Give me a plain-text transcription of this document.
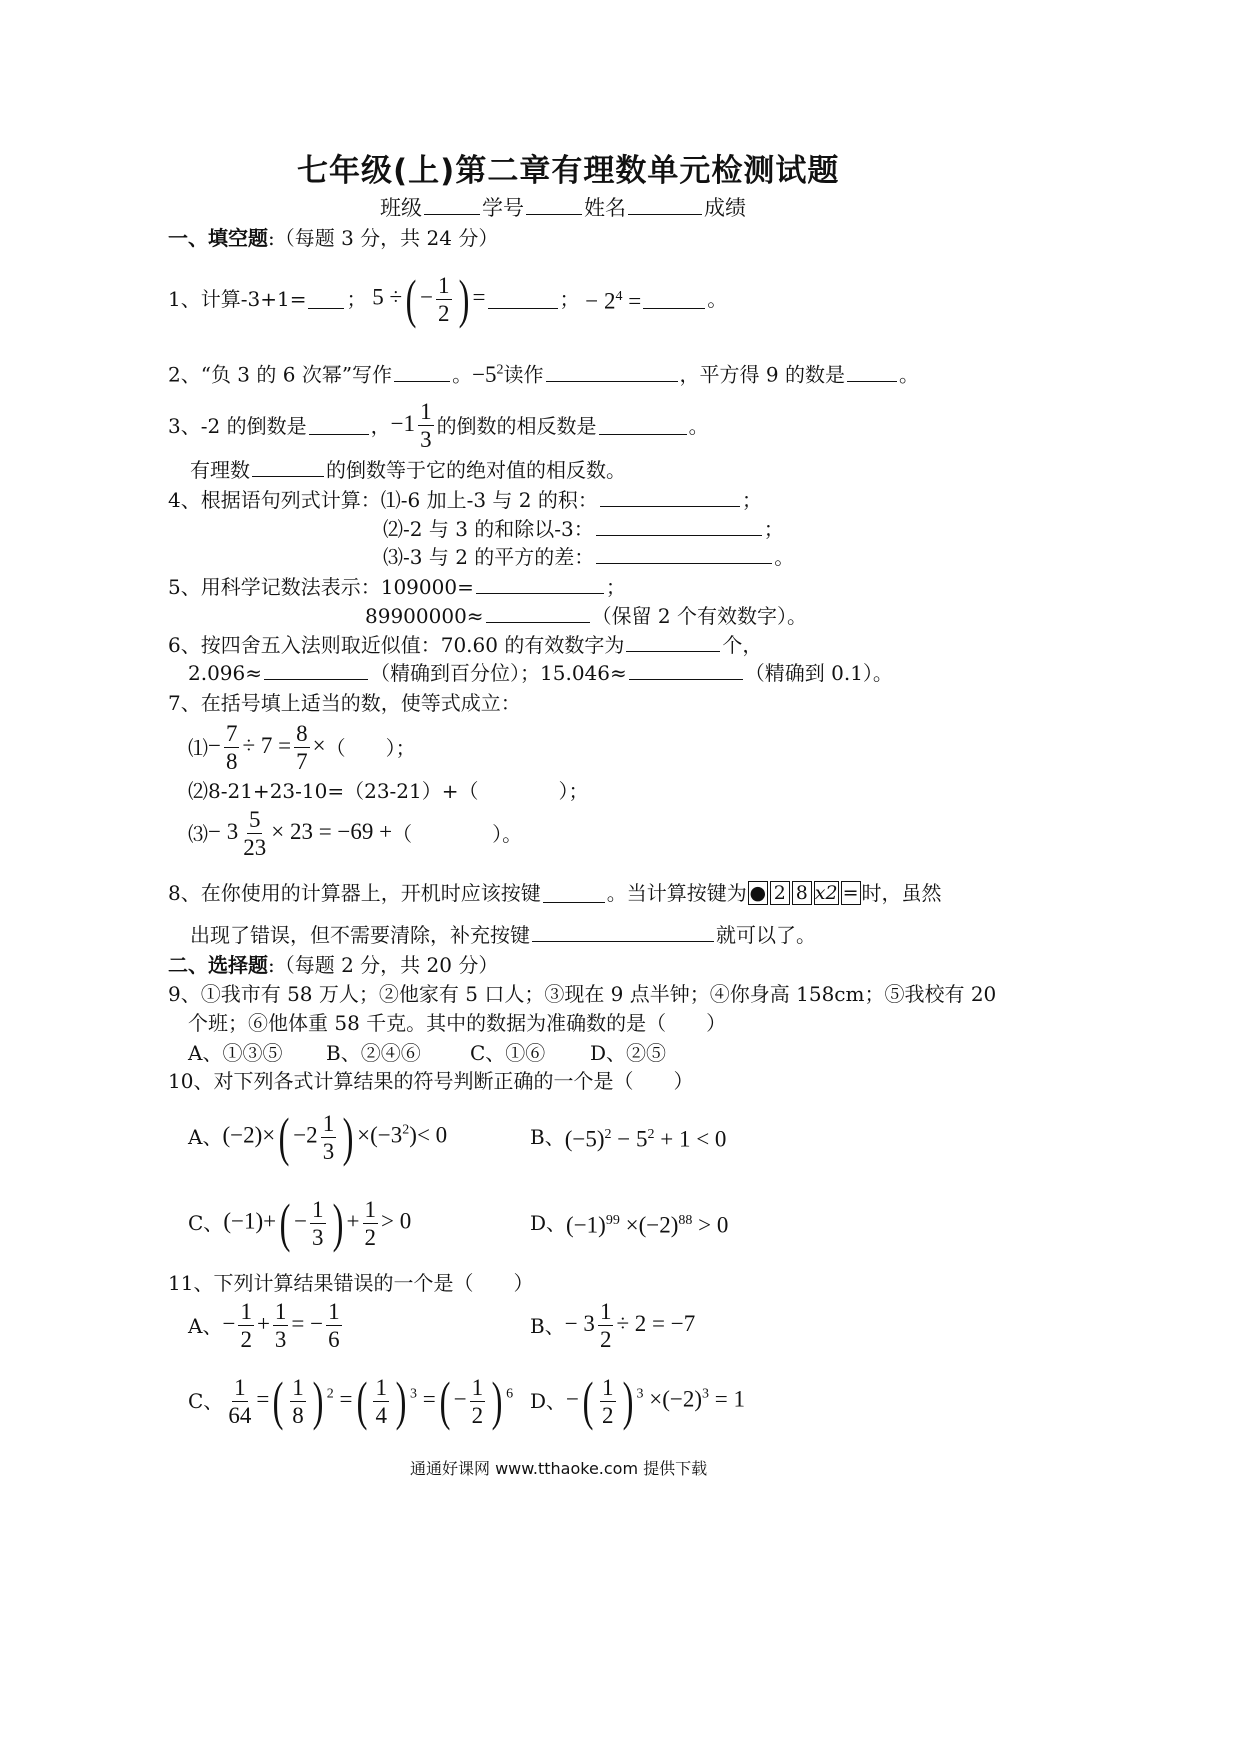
七年级(上)第二章有理数单元检测试题
班级	学号	姓名	成绩
一、填空题:（每题 3 分，共 24 分）
1、计算-3+1= ； 5 ÷( − $\frac{1}{2}$ ) =	； − $2^4$ =	。
2、“负 3 的 6 次幂”写作	。$-5^2$读作	，平方得 9 的数是	。
3、-2 的倒数是	， $-1 \frac{1}{3}$ 的倒数的相反数是	。
有理数	的倒数等于它的绝对值的相反数。
4、根据语句列式计算：⑴-6 加上-3 与 2 的积：	；
⑵-2 与 3 的和除以-3：	；
⑶-3 与 2 的平方的差：	。
5、用科学记数法表示：109000=	；
89900000≈	（保留 2 个有效数字）。
6、按四舍五入法则取近似值：70.60 的有效数字为	个，
2.096≈	（精确到百分位）；15.046≈	（精确到 0.1）。
7、在括号填上适当的数，使等式成立：
⑴ − $\frac{7}{8} \div 7 = \frac{8}{7}$ × （　　）；
⑵8-21+23-10=（23-21）+（　　　　）；
⑶ − $3 \frac{5}{23} \times 23 = -69$ + （　　　　）。
8、在你使用的计算器上，开机时应该按键	。当计算按键为 ● 2 8 x2 = 时，虽然
出现了错误，但不需要清除，补充按键	就可以了。
二、选择题:（每题 2 分，共 20 分）
9、①我市有 58 万人；②他家有 5 口人；③现在 9 点半钟；④你身高 158cm；⑤我校有 20
个班；⑥他体重 58 千克。其中的数据为准确数的是（　　）
A、①③⑤ B、②④⑥ C、①⑥ D、②⑤
10、对下列各式计算结果的符号判断正确的一个是（　　）
A、 $(-2)\times( -2 \frac{1}{3}$ ) $\times(-3^2)< 0$	B、 $(-5)^2 - 5^2 + 1 < 0$
C、 $(-1)+( - \frac{1}{3}$ ) + $\frac{1}{2} > 0$	D、 $(-1)^{99} \times(-2)^{88} > 0$
11、下列计算结果错误的一个是（　　）
A、 − $\frac{1}{2} + \frac{1}{3}$ = − $\frac{1}{6}$	B、 − $3 \frac{1}{2} \div 2 = -7$
C、 $\frac{1}{64}$ =( $\frac{1}{8}$ ) $^2$ =( $\frac{1}{4}$ ) $^3$ =( − $\frac{1}{2}$ ) $^6$ D、 −( $\frac{1}{2}$ ) $^3 \times(-2)^3 = 1$
通通好课网 www.tthaoke.com 提供下载
